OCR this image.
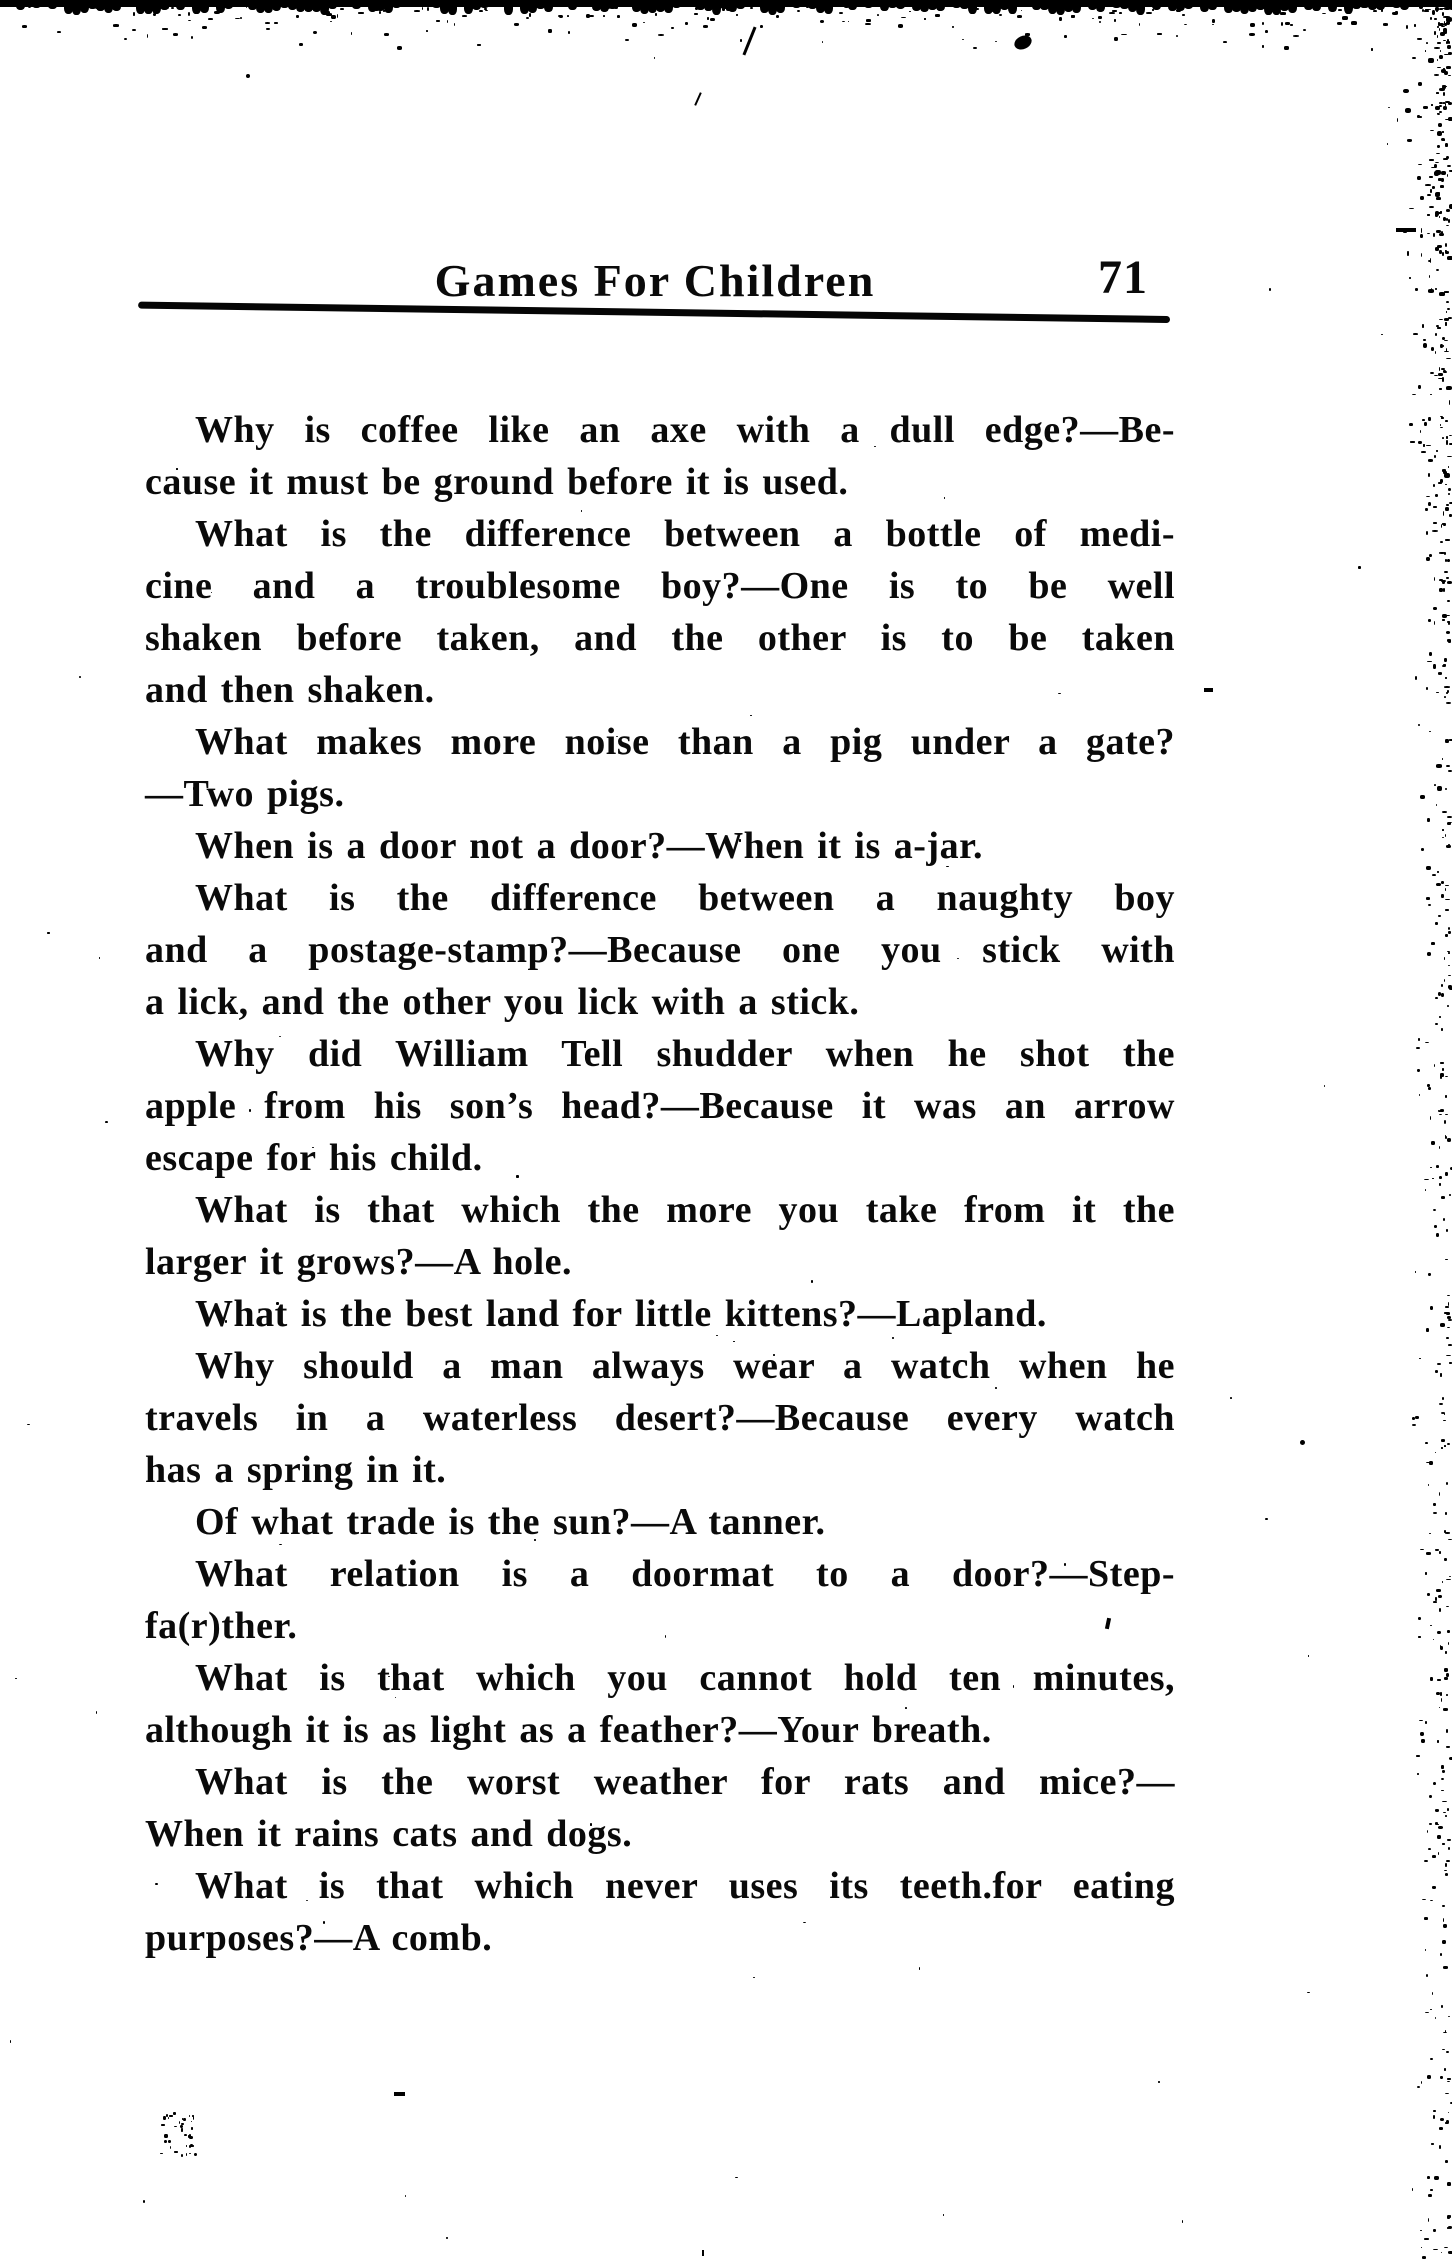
Games For Children	71
Why is coffee like an axe with a dull edge?—Be-
cause it must be ground before it is used.
What is the difference between a bottle of medi-
cine and a troublesome boy?—One is to be well
shaken before taken, and the other is to be taken
and then shaken.
What makes more noise than a pig under a gate?
—Two pigs.
When is a door not a door?—When it is a-jar.
What is the difference between a naughty boy
and a postage-stamp?—Because one you stick with
a lick, and the other you lick with a stick.
Why did William Tell shudder when he shot the
apple from his son’s head?—Because it was an arrow
escape for his child.
What is that which the more you take from it the
larger it grows?—A hole.
What is the best land for little kittens?—Lapland.
Why should a man always wear a watch when he
travels in a waterless desert?—Because every watch
has a spring in it.
Of what trade is the sun?—A tanner.
What relation is a doormat to a door?—Step-
fa(r)ther.
What is that which you cannot hold ten minutes,
although it is as light as a feather?—Your breath.
What is the worst weather for rats and mice?—
When it rains cats and dogs.
What is that which never uses its teeth.for eating
purposes?—A comb.
